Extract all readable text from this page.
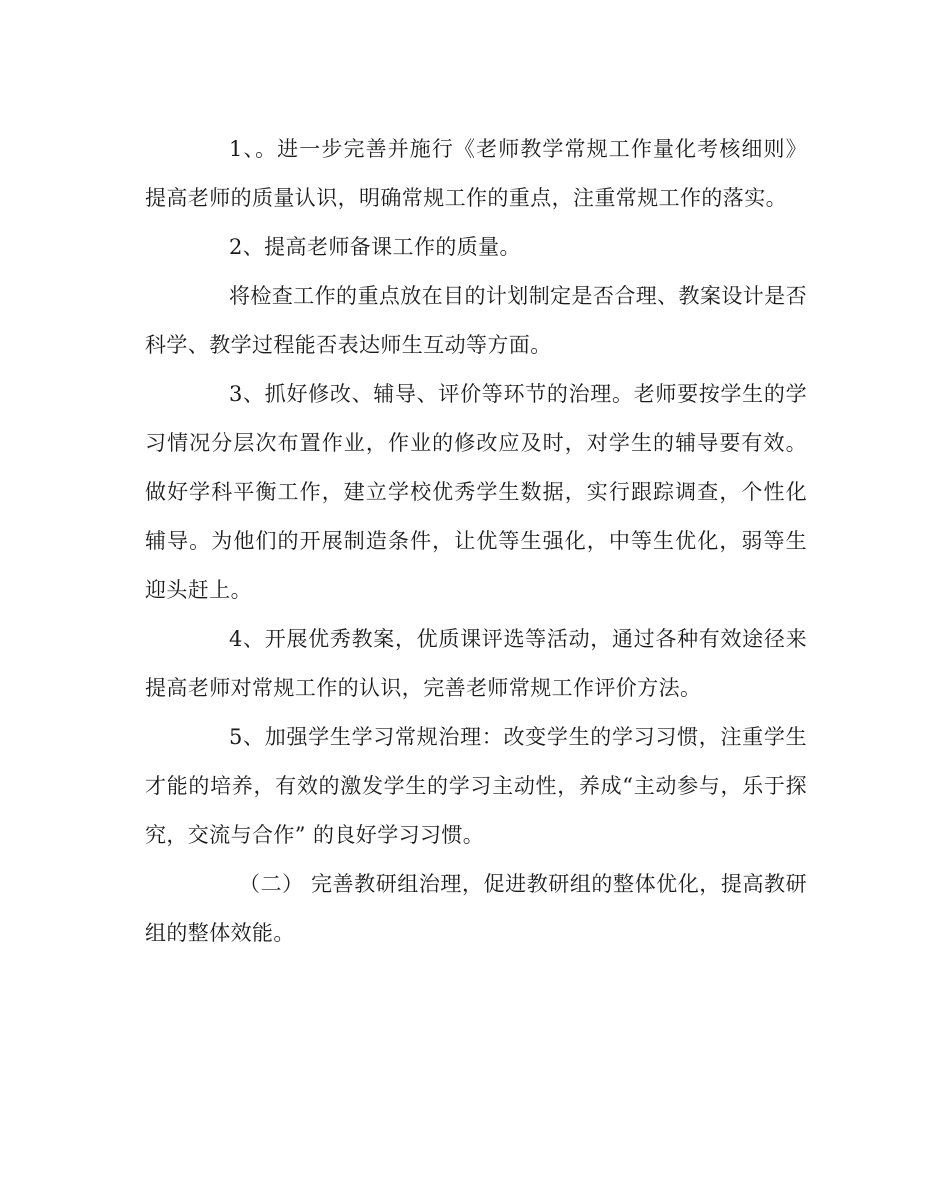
1、。进一步完善并施行《老师教学常规工作量化考核细则》提高老师的质量认识，明确常规工作的重点，注重常规工作的落实。

2、提高老师备课工作的质量。

将检查工作的重点放在目的计划制定是否合理、教案设计是否科学、教学过程能否表达师生互动等方面。

3、抓好修改、辅导、评价等环节的治理。老师要按学生的学习情况分层次布置作业，作业的修改应及时，对学生的辅导要有效。做好学科平衡工作，建立学校优秀学生数据，实行跟踪调查，个性化辅导。为他们的开展制造条件，让优等生强化，中等生优化，弱等生迎头赶上。

4、开展优秀教案，优质课评选等活动，通过各种有效途径来提高老师对常规工作的认识，完善老师常规工作评价方法。

5、加强学生学习常规治理：改变学生的学习习惯，注重学生才能的培养，有效的激发学生的学习主动性，养成“主动参与，乐于探究，交流与合作” 的良好学习习惯。

（二） 完善教研组治理，促进教研组的整体优化，提高教研组的整体效能。
